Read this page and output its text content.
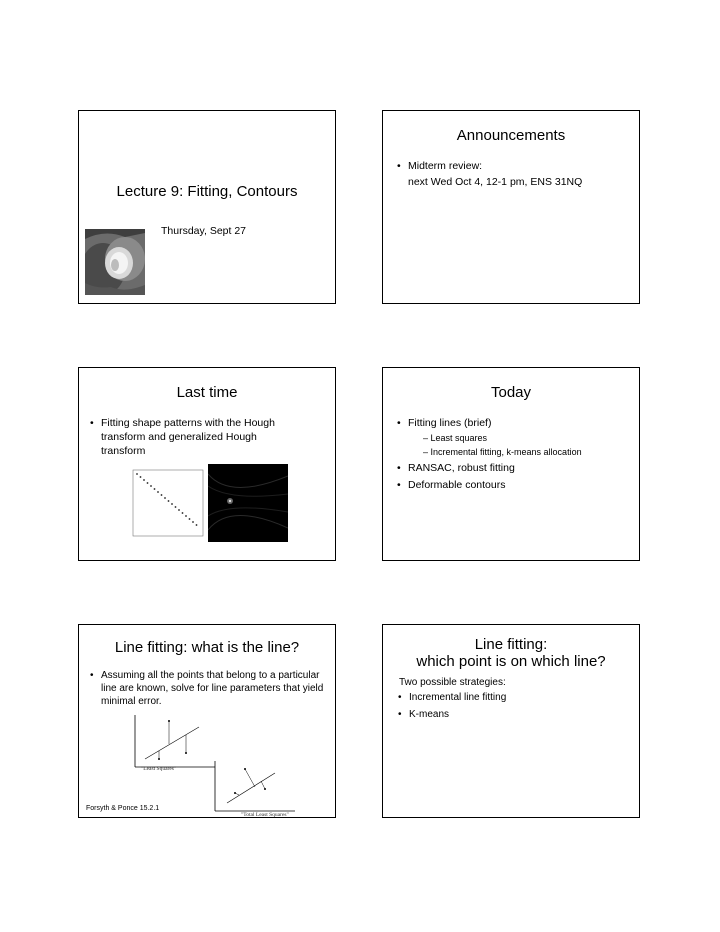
Lecture 9: Fitting, Contours
Thursday, Sept 27
Announcements
• Midterm review:
next Wed Oct 4, 12-1 pm, ENS 31NQ
Last time
• Fitting shape patterns with the Hough
transform and generalized Hough
transform
Today
• Fitting lines (brief)
– Least squares
– Incremental fitting, k-means allocation
• RANSAC, robust fitting
• Deformable contours
Line fitting: what is the line?
• Assuming all the points that belong to a particular
line are known, solve for line parameters that yield
minimal error.
"Least Squares"
"Total Least Squares"
Forsyth & Ponce 15.2.1
Line fitting:
which point is on which line?
Two possible strategies:
• Incremental line fitting
• K-means
